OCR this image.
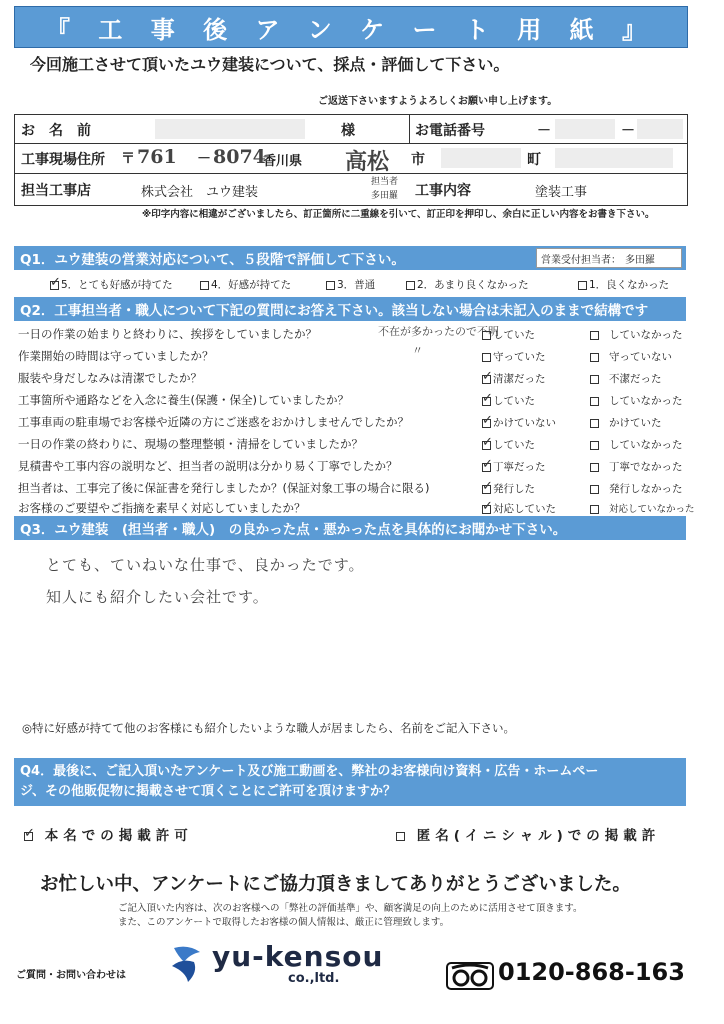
『 工 事 後 ア ン ケ ー ト 用 紙 』
今回施工させて頂いたユウ建装について、採点・評価して下さい。
ご返送下さいますようよろしくお願い申し上げます。
お　名　前	様	お電話番号	－	－
工事現場住所 〒 761 － 8074
香川県 高松 市	町
担当工事店	株式会社　ユウ建装
担当者
多田羅 工事内容	塗装工事
※印字内容に相違がございましたら、訂正箇所に二重線を引いて、訂正印を押印し、余白に正しい内容をお書き下さい。
Q1．ユウ建装の営業対応について、５段階で評価して下さい。	営業受付担当者： 多田羅
✓5．とても好感が持てた	4．好感が持てた	3．普通	2．あまり良くなかった	1．良くなかった
Q2．工事担当者・職人について下記の質問にお答え下さい。該当しない場合は未記入のままで結構です
不在が多かったので不明
〃
一日の作業の始まりと終わりに、挨拶をしていましたか？	していた	していなかった
作業開始の時間は守っていましたか？	守っていた	守っていない
服装や身だしなみは清潔でしたか？ ✓	清潔だった	不潔だった
工事箇所や通路などを入念に養生(保護・保全)していましたか？ ✓	していた	していなかった
工事車両の駐車場でお客様や近隣の方にご迷惑をおかけしませんでしたか？ ✓	かけていない	かけていた
一日の作業の終わりに、現場の整理整頓・清掃をしていましたか？ ✓	していた	していなかった
見積書や工事内容の説明など、担当者の説明は分かり易く丁寧でしたか？ ✓	丁寧だった	丁寧でなかった
担当者は、工事完了後に保証書を発行しましたか？(保証対象工事の場合に限る) ✓	発行した	発行しなかった
お客様のご要望やご指摘を素早く対応していましたか？ ✓	対応していた	対応していなかった
Q3．ユウ建装　(担当者・職人)　の良かった点・悪かった点を具体的にお聞かせ下さい。
とても、ていねいな仕事で、良かったです。
知人にも紹介したい会社です。
◎特に好感が持てて他のお客様にも紹介したいような職人が居ましたら、名前をご記入下さい。
Q4．最後に、ご記入頂いたアンケート及び施工動画を、弊社のお客様向け資料・広告・ホームペー
ジ、その他販促物に掲載させて頂くことにご許可を頂けますか？
✓ 本名での掲載許可	匿名(イニシャル)での掲載許
お忙しい中、アンケートにご協力頂きましてありがとうございました。
ご記入頂いた内容は、次のお客様への「弊社の評価基準」や、顧客満足の向上のために活用させて頂きます。
また、このアンケートで取得したお客様の個人情報は、厳正に管理致します。
ご質問・お問い合わせは
yu-kensou
co.,ltd.	0120-868-163
